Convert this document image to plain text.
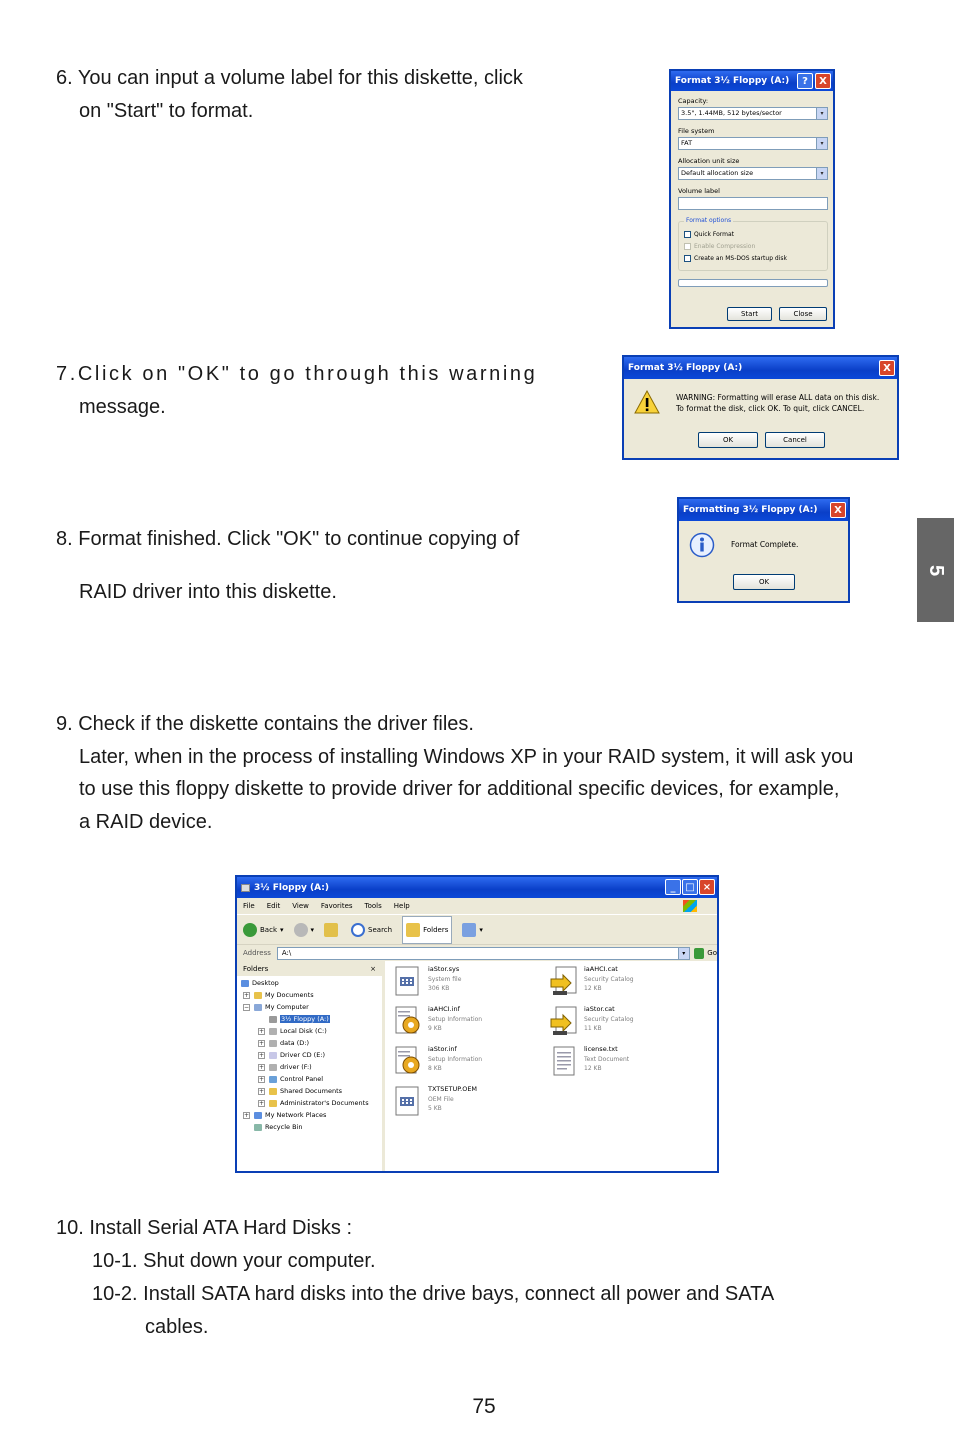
6. You can input a volume label for this diskette, click
on "Start" to format.
7.Click on "OK" to go through this warning
message.
8. Format finished. Click "OK" to continue copying of
RAID driver into this diskette.
9. Check if the diskette contains the driver files.
Later, when in the process of installing Windows XP in your RAID system, it will ask you
to use this floppy diskette to provide driver for additional specific devices, for example,
a RAID device.
10. Install Serial ATA Hard Disks :
10-1. Shut down your computer.
10-2. Install SATA hard disks into the drive bays, connect all power and SATA
cables.
5
75
Format 3½ Floppy (A:)	?	X
Capacity:
3.5", 1.44MB, 512 bytes/sector	▾
File system
FAT	▾
Allocation unit size
Default allocation size	▾
Volume label
Format options
Quick Format
Enable Compression
Create an MS-DOS startup disk
Start	Close
Format 3½ Floppy (A:)	X
WARNING: Formatting will erase ALL data on this disk.
To format the disk, click OK. To quit, click CANCEL.
OK	Cancel
Formatting 3½ Floppy (A:)	X
Format Complete.
OK
3½ Floppy (A:)	_ □ ×
File Edit View Favorites Tools Help
Back ▾	▾	Search	Folders	▾
Address	A:\	▾	Go
Folders	×
Desktop
+ My Documents
− My Computer
3½ Floppy (A:)
+ Local Disk (C:)
+ data (D:)
+ Driver CD (E:)
+ driver (F:)
+ Control Panel
+ Shared Documents
+ Administrator's Documents
+ My Network Places
Recycle Bin
iaStor.sys
System file
306 KB
iaAHCI.cat
Security Catalog
12 KB
iaAHCI.inf
Setup Information
9 KB
iaStor.cat
Security Catalog
11 KB
iaStor.inf
Setup Information
8 KB
license.txt
Text Document
12 KB
TXTSETUP.OEM
OEM File
5 KB
